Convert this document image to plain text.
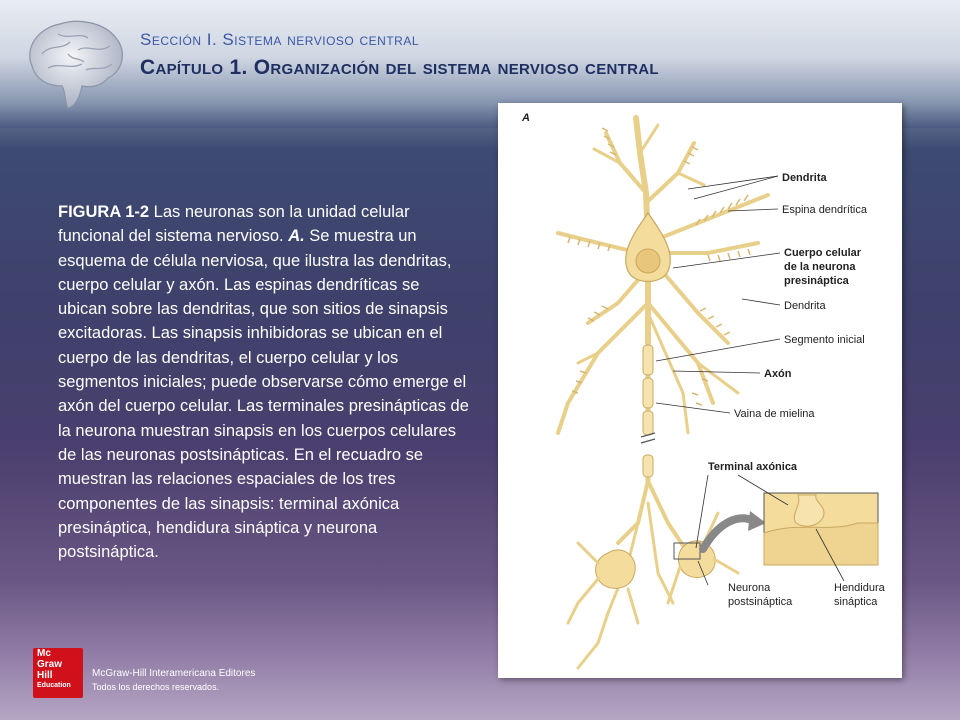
Sección I. Sistema nervioso central
Capítulo 1. Organización del sistema nervioso central
FIGURA 1-2 Las neuronas son la unidad celular funcional del sistema nervioso. A. Se muestra un esquema de célula nerviosa, que ilustra las dendritas, cuerpo celular y axón. Las espinas dendríticas se ubican sobre las dendritas, que son sitios de sinapsis excitadoras. Las sinapsis inhibidoras se ubican en el cuerpo de las dendritas, el cuerpo celular y los segmentos iniciales; puede observarse cómo emerge el axón del cuerpo celular. Las terminales presinápticas de la neurona muestran sinapsis en los cuerpos celulares de las neuronas postsinápticas. En el recuadro se muestran las relaciones espaciales de los tres componentes de las sinapsis: terminal axónica presináptica, hendidura sináptica y neurona postsináptica.
A
Dendrita
Espina dendrítica
Cuerpo celular
de la neurona
presináptica
Dendrita
Segmento inicial
Axón
Vaina de mielina
Terminal axónica
Neurona
postsináptica
Hendidura
sináptica
Mc
Graw
Hill
Education
McGraw-Hill Interamericana Editores
Todos los derechos reservados.
